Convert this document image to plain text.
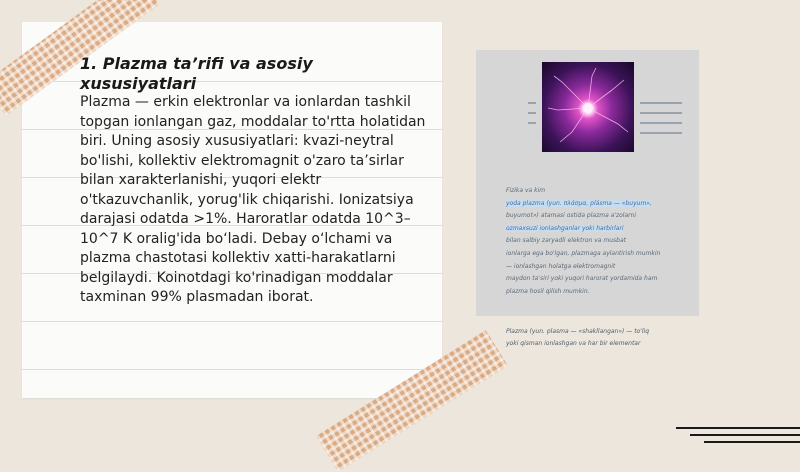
1. Plazma ta’rifi va asosiy xususiyatlari

Plazma — erkin elektronlar va ionlardan tashkil topgan ionlangan gaz, moddalar to'rtta holatidan biri. Uning asosiy xususiyatlari: kvazi-neytral bo'lishi, kollektiv elektromagnit o'zaro ta’sirlar bilan xarakterlanishi, yuqori elektr o'tkazuvchanlik, yorug'lik chiqarishi. Ionizatsiya darajasi odatda >1%. Haroratlar odatda 10^3–10^7 K oralig'ida bo‘ladi. Debay o‘lchami va plazma chastotasi kollektiv xatti-harakatlarni belgilaydi. Koinotdagi ko'rinadigan moddalar taxminan 99% plasmadan iborat.

Fizika va kim
yoda plazma (yun. πλάσμα, plásma — «buyum»,
buyumot») atamasi ostida plazma a'zolarni
ozmaxsuzi ionlashganlar yoki harbirlari
bilan salbiy zaryadli elektron va musbat
ionlarga ega bo'lgan, plazmaga aylantirish mumkin
— ionlashgan holatga elektromagnit
maydon ta'siri yoki yuqori harorat yordamida ham
plazma hosil qilish mumkin.

Plazma (yun. plasma — «shakllangan») — to'liq
yoki qisman ionlashgan va har bir elementar
